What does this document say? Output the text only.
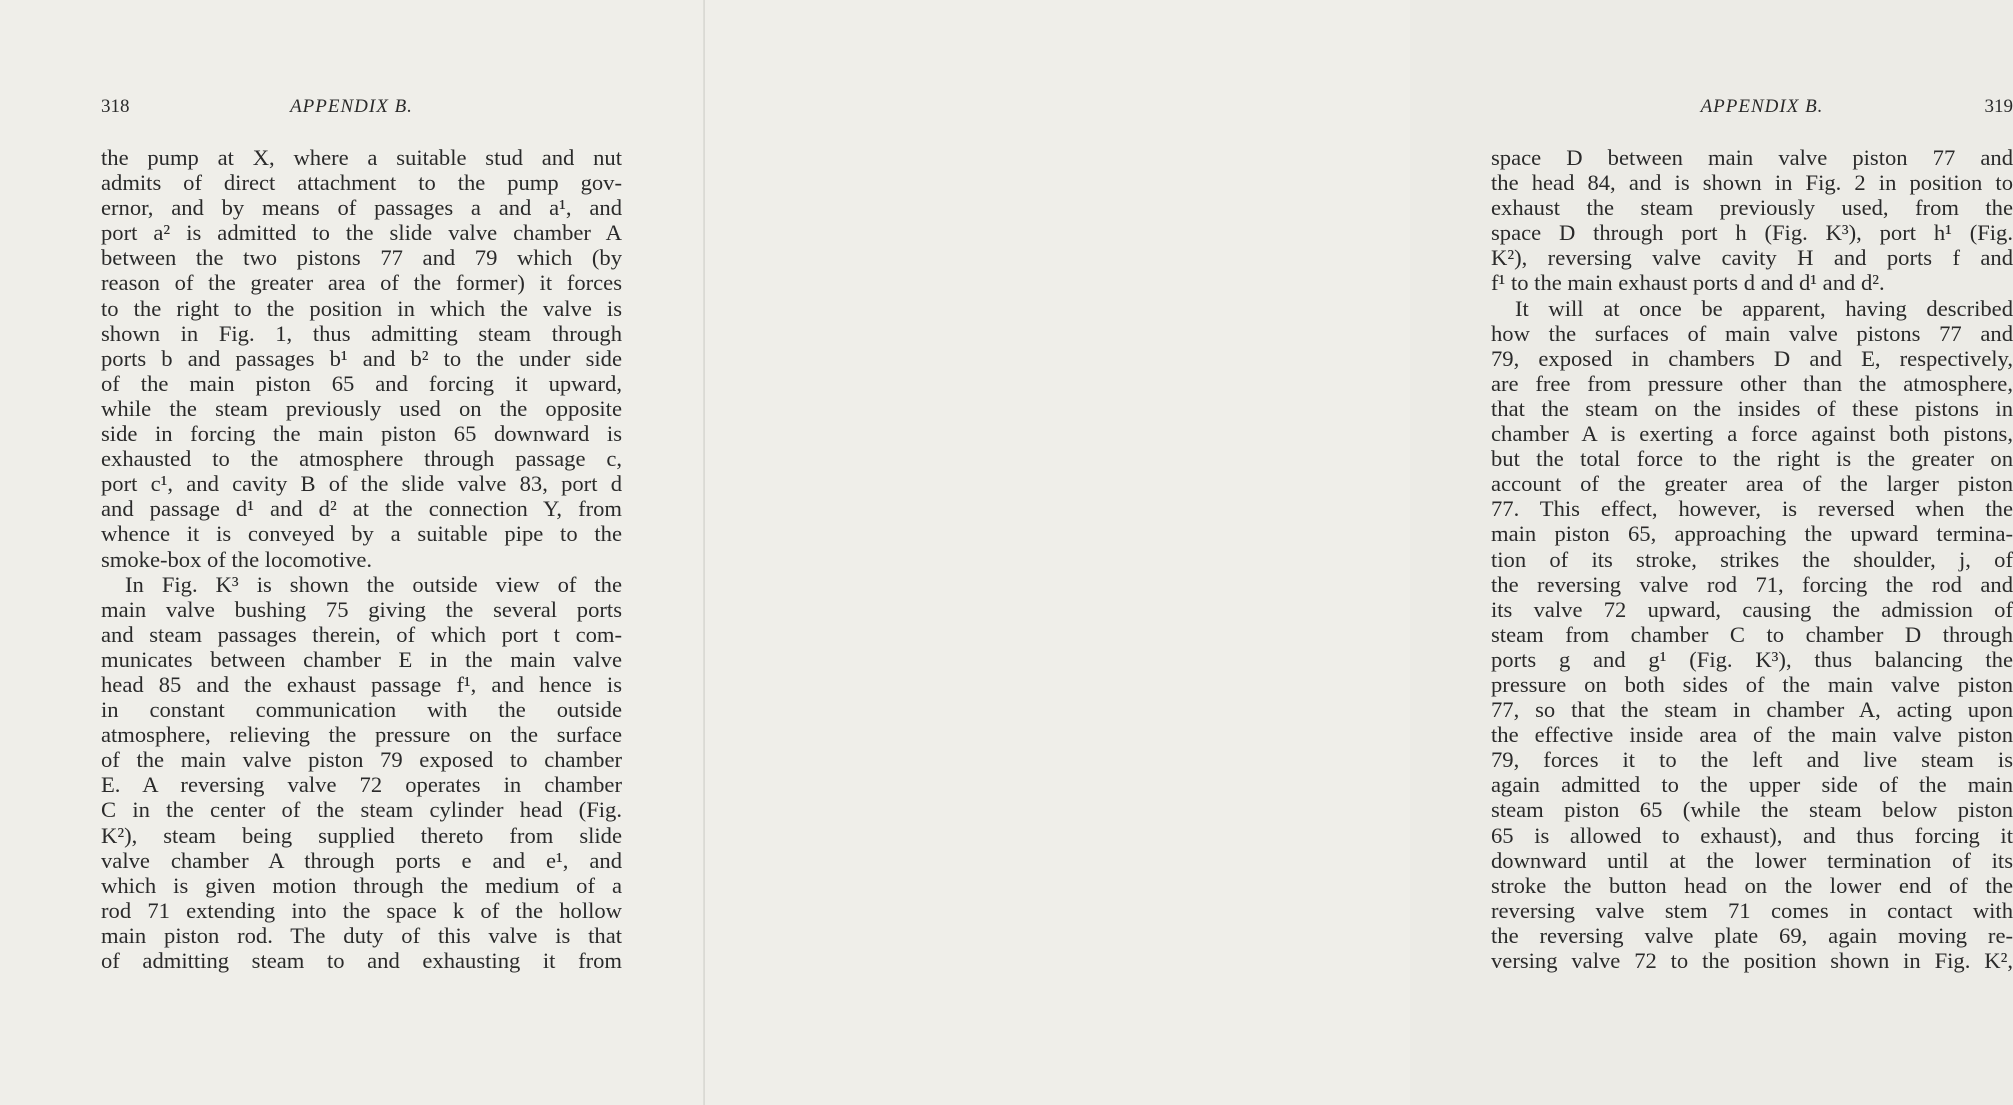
318	APPENDIX B.
the pump at X, where a suitable stud and nut
admits of direct attachment to the pump gov-
ernor, and by means of passages a and a¹, and
port a² is admitted to the slide valve chamber A
between the two pistons 77 and 79 which (by
reason of the greater area of the former) it forces
to the right to the position in which the valve is
shown in Fig. 1, thus admitting steam through
ports b and passages b¹ and b² to the under side
of the main piston 65 and forcing it upward,
while the steam previously used on the opposite
side in forcing the main piston 65 downward is
exhausted to the atmosphere through passage c,
port c¹, and cavity B of the slide valve 83, port d
and passage d¹ and d² at the connection Y, from
whence it is conveyed by a suitable pipe to the
smoke-box of the locomotive.
In Fig. K³ is shown the outside view of the
main valve bushing 75 giving the several ports
and steam passages therein, of which port t com-
municates between chamber E in the main valve
head 85 and the exhaust passage f¹, and hence is
in constant communication with the outside
atmosphere, relieving the pressure on the surface
of the main valve piston 79 exposed to chamber
E. A reversing valve 72 operates in chamber
C in the center of the steam cylinder head (Fig.
K²), steam being supplied thereto from slide
valve chamber A through ports e and e¹, and
which is given motion through the medium of a
rod 71 extending into the space k of the hollow
main piston rod. The duty of this valve is that
of admitting steam to and exhausting it from
APPENDIX B.	319
space D between main valve piston 77 and
the head 84, and is shown in Fig. 2 in position to
exhaust the steam previously used, from the
space D through port h (Fig. K³), port h¹ (Fig.
K²), reversing valve cavity H and ports f and
f¹ to the main exhaust ports d and d¹ and d².
It will at once be apparent, having described
how the surfaces of main valve pistons 77 and
79, exposed in chambers D and E, respectively,
are free from pressure other than the atmosphere,
that the steam on the insides of these pistons in
chamber A is exerting a force against both pistons,
but the total force to the right is the greater on
account of the greater area of the larger piston
77. This effect, however, is reversed when the
main piston 65, approaching the upward termina-
tion of its stroke, strikes the shoulder, j, of
the reversing valve rod 71, forcing the rod and
its valve 72 upward, causing the admission of
steam from chamber C to chamber D through
ports g and g¹ (Fig. K³), thus balancing the
pressure on both sides of the main valve piston
77, so that the steam in chamber A, acting upon
the effective inside area of the main valve piston
79, forces it to the left and live steam is
again admitted to the upper side of the main
steam piston 65 (while the steam below piston
65 is allowed to exhaust), and thus forcing it
downward until at the lower termination of its
stroke the button head on the lower end of the
reversing valve stem 71 comes in contact with
the reversing valve plate 69, again moving re-
versing valve 72 to the position shown in Fig. K²,
